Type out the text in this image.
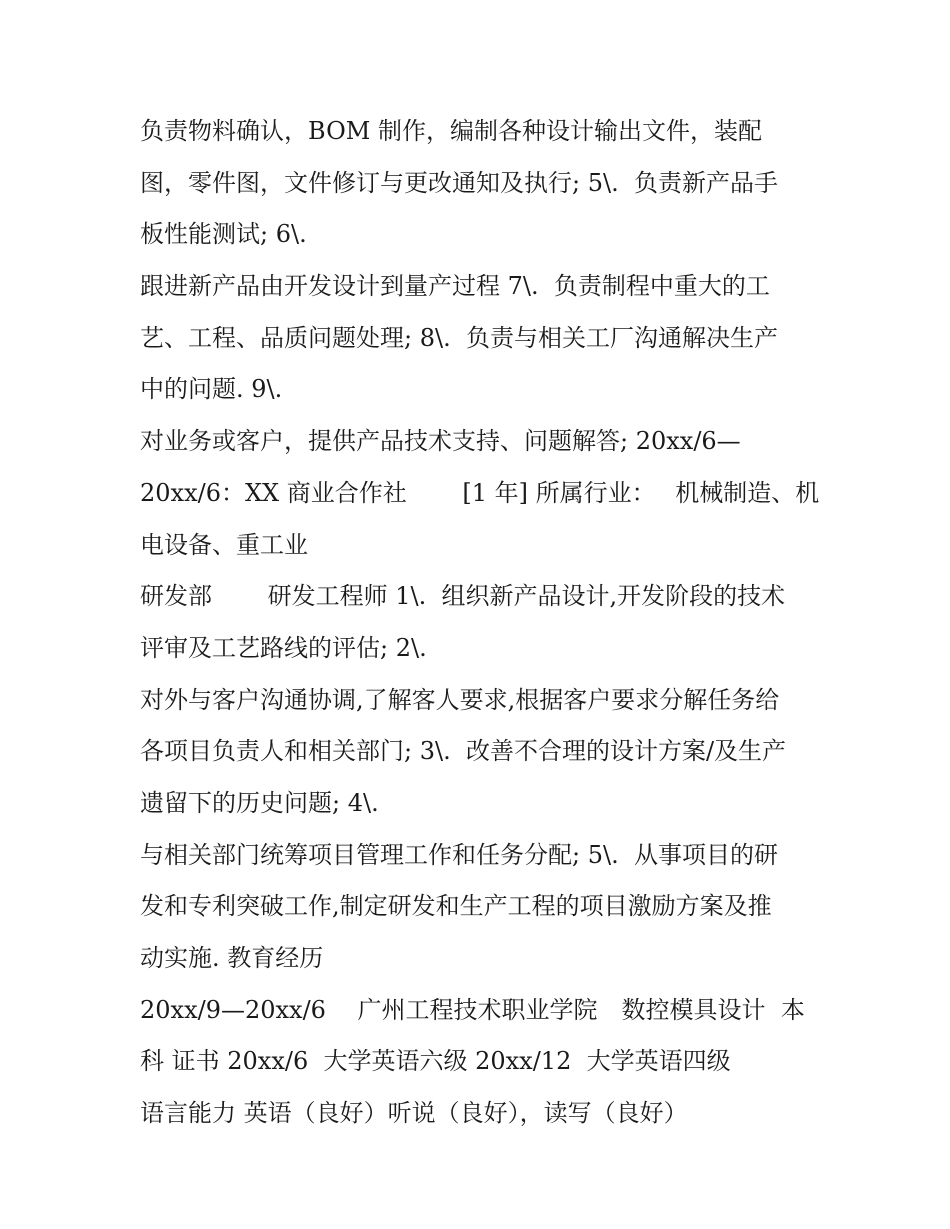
负责物料确认，BOM 制作，编制各种设计输出文件，装配

图，零件图，文件修订与更改通知及执行; 5\.  负责新产品手

板性能测试; 6\.

跟进新产品由开发设计到量产过程 7\.  负责制程中重大的工

艺、工程、品质问题处理; 8\.  负责与相关工厂沟通解决生产

中的问题. 9\.

对业务或客户，提供产品技术支持、问题解答; 20xx/6—

20xx/6：XX 商业合作社　　 [1 年] 所属行业：　 机械制造、机

电设备、重工业

研发部　　 研发工程师 1\.  组织新产品设计,开发阶段的技术

评审及工艺路线的评估; 2\.

对外与客户沟通协调,了解客人要求,根据客户要求分解任务给

各项目负责人和相关部门; 3\.  改善不合理的设计方案/及生产

遗留下的历史问题; 4\.

与相关部门统筹项目管理工作和任务分配; 5\.  从事项目的研

发和专利突破工作,制定研发和生产工程的项目激励方案及推

动实施. 教育经历

20xx/9—20xx/6　 广州工程技术职业学院　数控模具设计  本

科 证书 20xx/6  大学英语六级 20xx/12  大学英语四级

语言能力 英语（良好）听说（良好），读写（良好）
